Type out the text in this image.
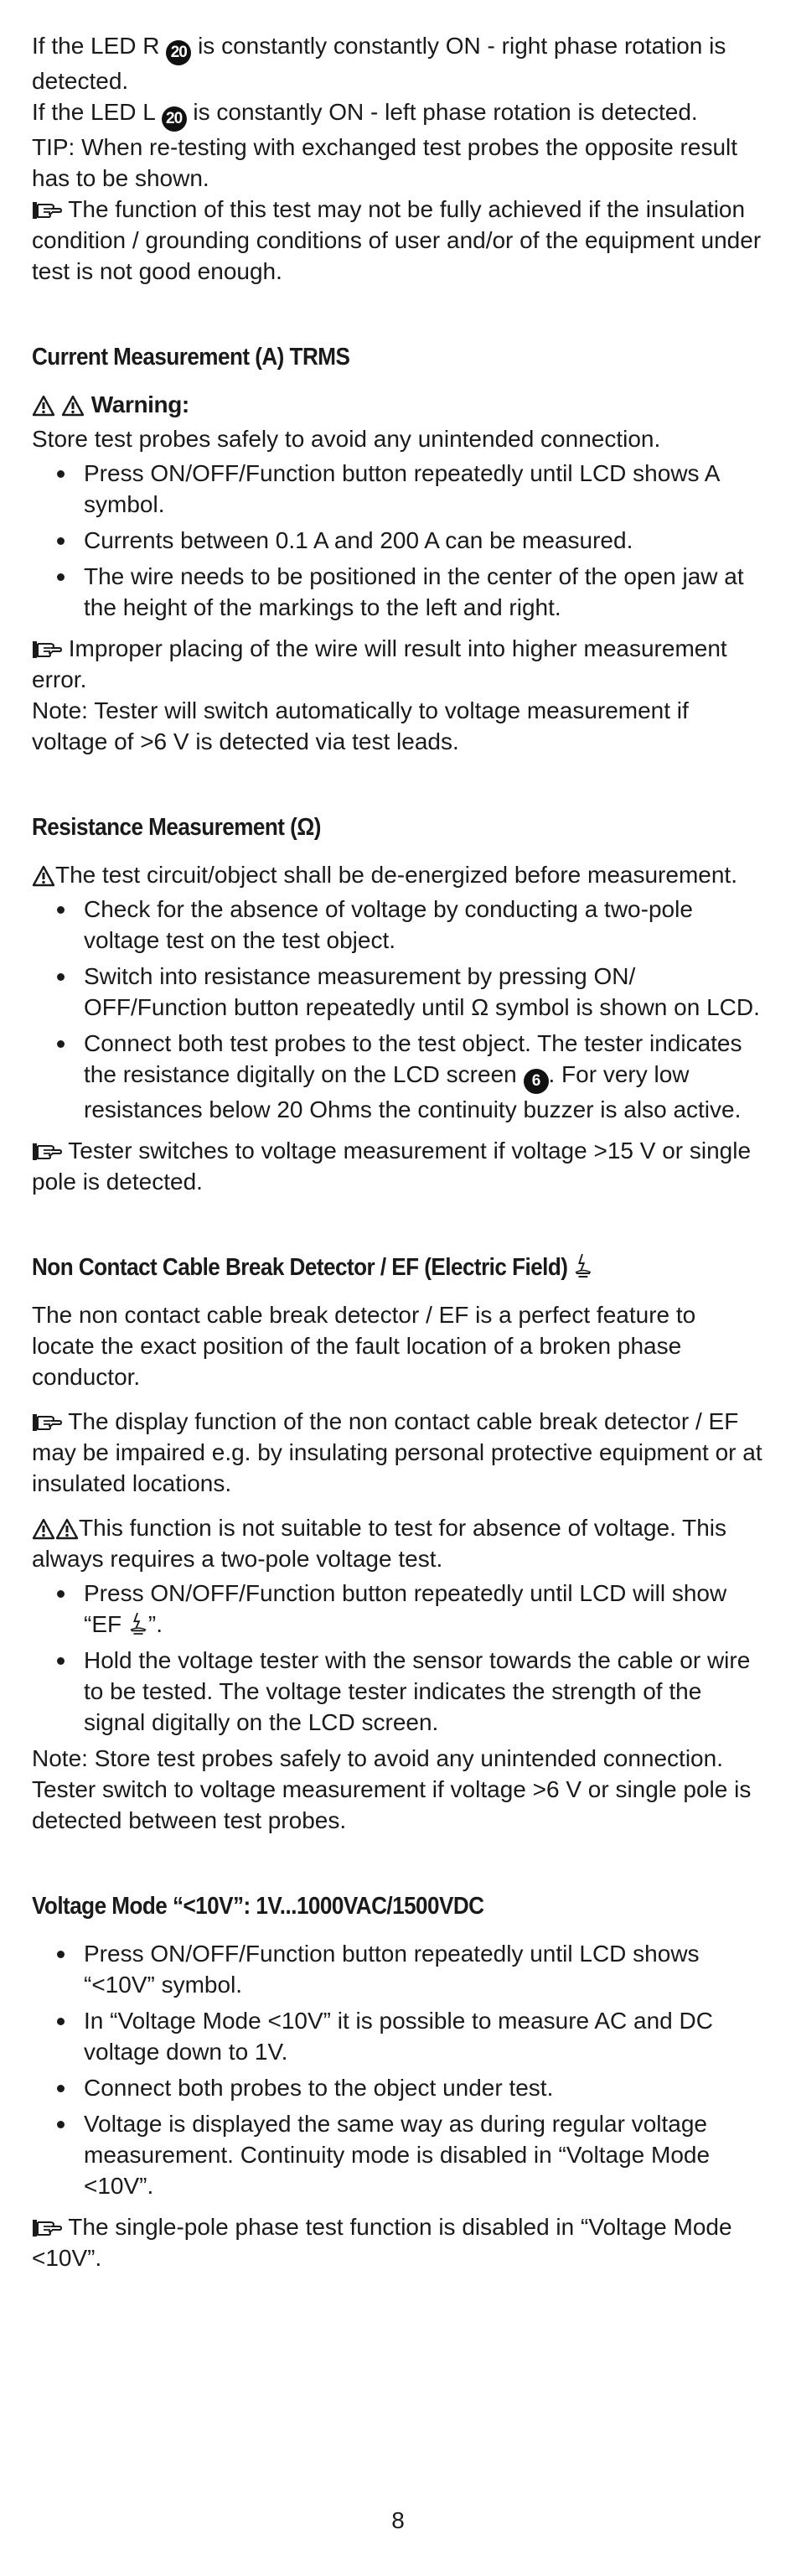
If the LED R 20 is constantly constantly ON - right phase rotation is detected.

If the LED L 20 is constantly ON - left phase rotation is detected.

TIP: When re-testing with exchanged test probes the opposite result has to be shown.

The function of this test may not be fully achieved if the insulation condition / grounding conditions of user and/or of the equipment under test is not good enough.

Current Measurement (A) TRMS

Warning:

Store test probes safely to avoid any unintended connection.

Press ON/OFF/Function button repeatedly until LCD shows A symbol.
Currents between 0.1 A and 200 A can be measured.
The wire needs to be positioned in the center of the open jaw at the height of the markings to the left and right.

Improper placing of the wire will result into higher measurement error.

Note: Tester will switch automatically to voltage measurement if voltage of >6 V is detected via test leads.

Resistance Measurement (Ω)

The test circuit/object shall be de-energized before measurement.

Check for the absence of voltage by conducting a two-pole voltage test on the test object.
Switch into resistance measurement by pressing ON/ OFF/Function button repeatedly until Ω symbol is shown on LCD.
Connect both test probes to the test object. The tester indicates the resistance digitally on the LCD screen 6 . For very low resistances below 20 Ohms the continuity buzzer is also active.

Tester switches to voltage measurement if voltage >15 V or single pole is detected.

Non Contact Cable Break Detector / EF (Electric Field)

The non contact cable break detector / EF is a perfect feature to locate the exact position of the fault location of a broken phase conductor.

The display function of the non contact cable break detector / EF may be impaired e.g. by insulating personal protective equipment or at insulated locations.

This function is not suitable to test for absence of voltage. This always requires a two-pole voltage test.

Press ON/OFF/Function button repeatedly until LCD will show “EF ”.
Hold the voltage tester with the sensor towards the cable or wire to be tested. The voltage tester indicates the strength of the signal digitally on the LCD screen.

Note: Store test probes safely to avoid any unintended connection. Tester switch to voltage measurement if voltage >6 V or single pole is detected between test probes.

Voltage Mode “<10V”: 1V...1000VAC/1500VDC
Press ON/OFF/Function button repeatedly until LCD shows “<10V” symbol.
In “Voltage Mode <10V” it is possible to measure AC and DC voltage down to 1V.
Connect both probes to the object under test.
Voltage is displayed the same way as during regular voltage measurement. Continuity mode is disabled in “Voltage Mode <10V”.

The single-pole phase test function is disabled in “Voltage Mode <10V”.

8
